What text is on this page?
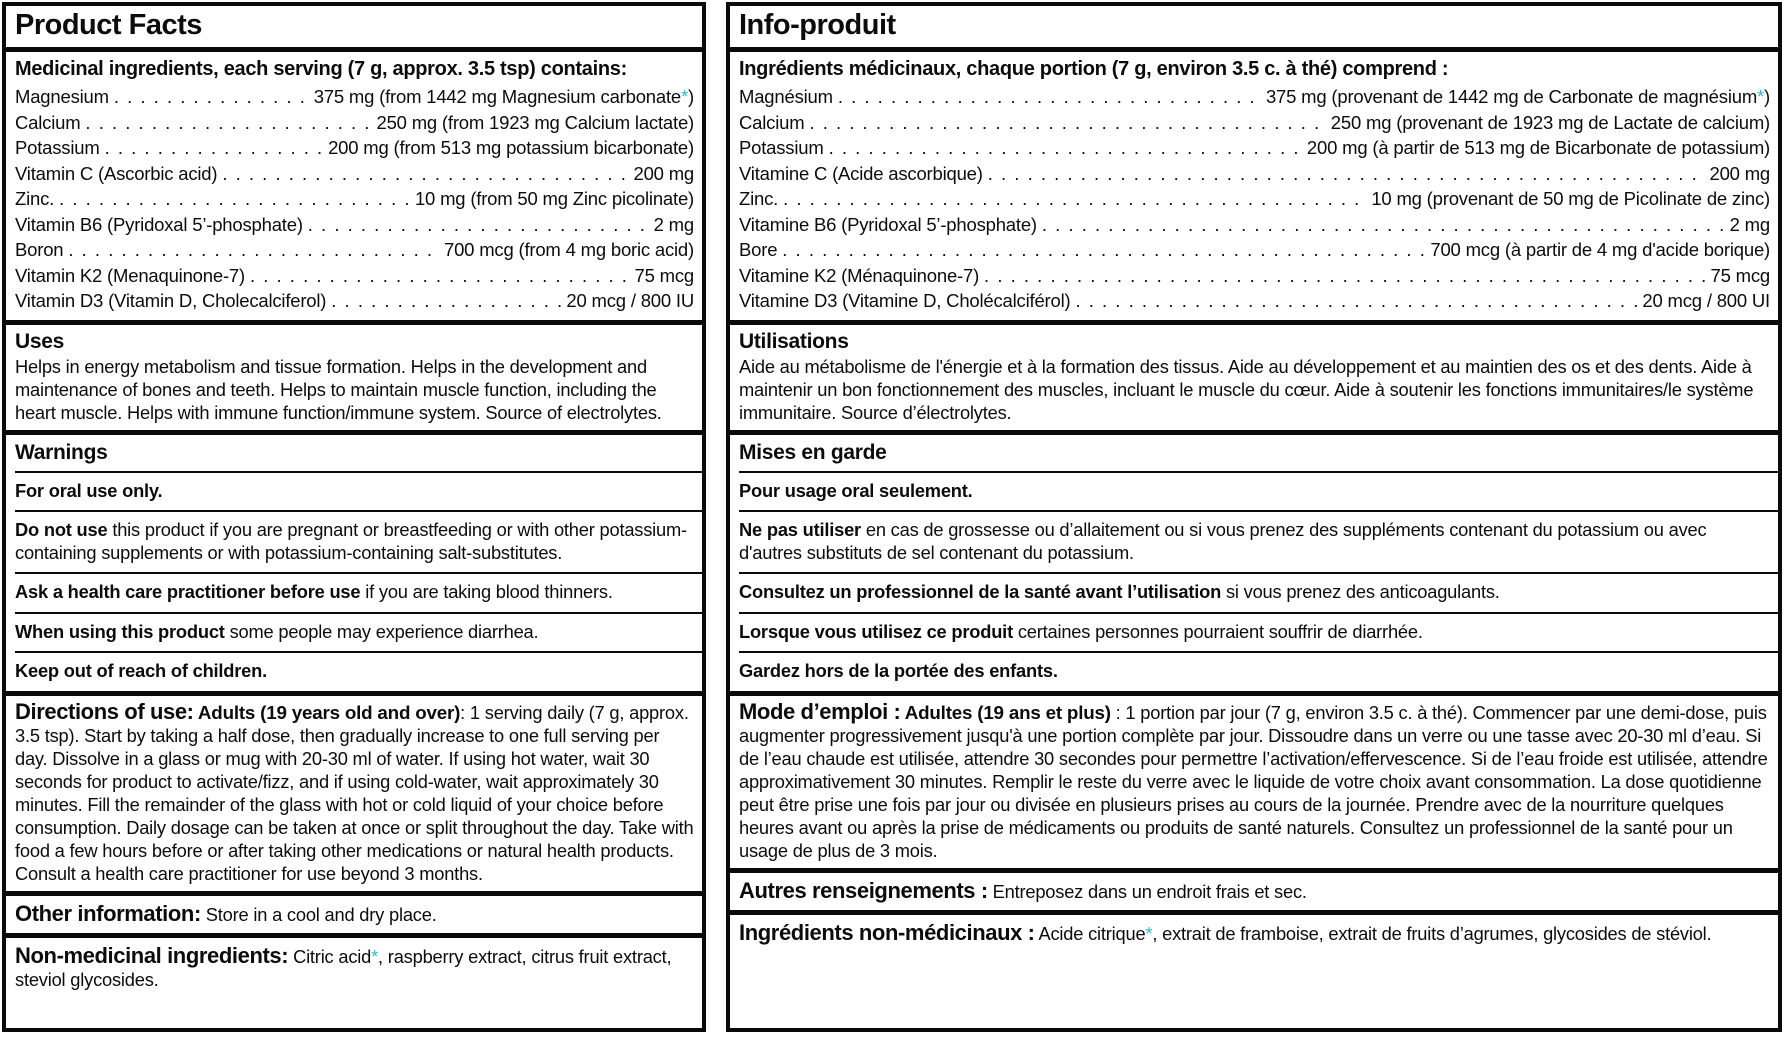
Product Facts
Medicinal ingredients, each serving (7 g, approx. 3.5 tsp) contains:
Magnesium . . .	375 mg (from 1442 mg Magnesium carbonate*)
Calcium . . .	250 mg (from 1923 mg Calcium lactate)
Potassium . . .	200 mg (from 513 mg potassium bicarbonate)
Vitamin C (Ascorbic acid) . . .	200 mg
Zinc. . . .	10 mg (from 50 mg Zinc picolinate)
Vitamin B6 (Pyridoxal 5’-phosphate) . . .	2 mg
Boron . . .	700 mcg (from 4 mg boric acid)
Vitamin K2 (Menaquinone-7) . . .	75 mcg
Vitamin D3 (Vitamin D, Cholecalciferol) . . .	20 mcg / 800 IU
Uses
Helps in energy metabolism and tissue formation. Helps in the development and maintenance of bones and teeth. Helps to maintain muscle function, including the heart muscle. Helps with immune function/immune system. Source of electrolytes.
Warnings
For oral use only.
Do not use this product if you are pregnant or breastfeeding or with other potassium-containing supplements or with potassium-containing salt-substitutes.
Ask a health care practitioner before use if you are taking blood thinners.
When using this product some people may experience diarrhea.
Keep out of reach of children.
Directions of use: Adults (19 years old and over): 1 serving daily (7 g, approx. 3.5 tsp). Start by taking a half dose, then gradually increase to one full serving per day. Dissolve in a glass or mug with 20-30 ml of water. If using hot water, wait 30 seconds for product to activate/fizz, and if using cold-water, wait approximately 30 minutes. Fill the remainder of the glass with hot or cold liquid of your choice before consumption. Daily dosage can be taken at once or split throughout the day. Take with food a few hours before or after taking other medications or natural health products. Consult a health care practitioner for use beyond 3 months.
Other information: Store in a cool and dry place.
Non-medicinal ingredients: Citric acid*, raspberry extract, citrus fruit extract, steviol glycosides.
Info-produit
Ingrédients médicinaux, chaque portion (7 g, environ 3.5 c. à thé) comprend :
Magnésium . . .	375 mg (provenant de 1442 mg de Carbonate de magnésium*)
Calcium . . .	250 mg (provenant de 1923 mg de Lactate de calcium)
Potassium . . .	200 mg (à partir de 513 mg de Bicarbonate de potassium)
Vitamine C (Acide ascorbique) . . .	200 mg
Zinc. . . .	10 mg (provenant de 50 mg de Picolinate de zinc)
Vitamine B6 (Pyridoxal 5’-phosphate) . . .	2 mg
Bore . . .	700 mcg (à partir de 4 mg d'acide borique)
Vitamine K2 (Ménaquinone-7) . . .	75 mcg
Vitamine D3 (Vitamine D, Cholécalciférol) . . .	20 mcg / 800 UI
Utilisations
Aide au métabolisme de l'énergie et à la formation des tissus. Aide au développement et au maintien des os et des dents. Aide à maintenir un bon fonctionnement des muscles, incluant le muscle du cœur. Aide à soutenir les fonctions immunitaires/le système immunitaire. Source d’électrolytes.
Mises en garde
Pour usage oral seulement.
Ne pas utiliser en cas de grossesse ou d’allaitement ou si vous prenez des suppléments contenant du potassium ou avec d'autres substituts de sel contenant du potassium.
Consultez un professionnel de la santé avant l’utilisation si vous prenez des anticoagulants.
Lorsque vous utilisez ce produit certaines personnes pourraient souffrir de diarrhée.
Gardez hors de la portée des enfants.
Mode d’emploi : Adultes (19 ans et plus) : 1 portion par jour (7 g, environ 3.5 c. à thé). Commencer par une demi-dose, puis augmenter progressivement jusqu'à une portion complète par jour. Dissoudre dans un verre ou une tasse avec 20-30 ml d’eau. Si de l’eau chaude est utilisée, attendre 30 secondes pour permettre l’activation/effervescence. Si de l’eau froide est utilisée, attendre approximativement 30 minutes. Remplir le reste du verre avec le liquide de votre choix avant consommation. La dose quotidienne peut être prise une fois par jour ou divisée en plusieurs prises au cours de la journée. Prendre avec de la nourriture quelques heures avant ou après la prise de médicaments ou produits de santé naturels. Consultez un professionnel de la santé pour un usage de plus de 3 mois.
Autres renseignements : Entreposez dans un endroit frais et sec.
Ingrédients non-médicinaux : Acide citrique*, extrait de framboise, extrait de fruits d’agrumes, glycosides de stéviol.
